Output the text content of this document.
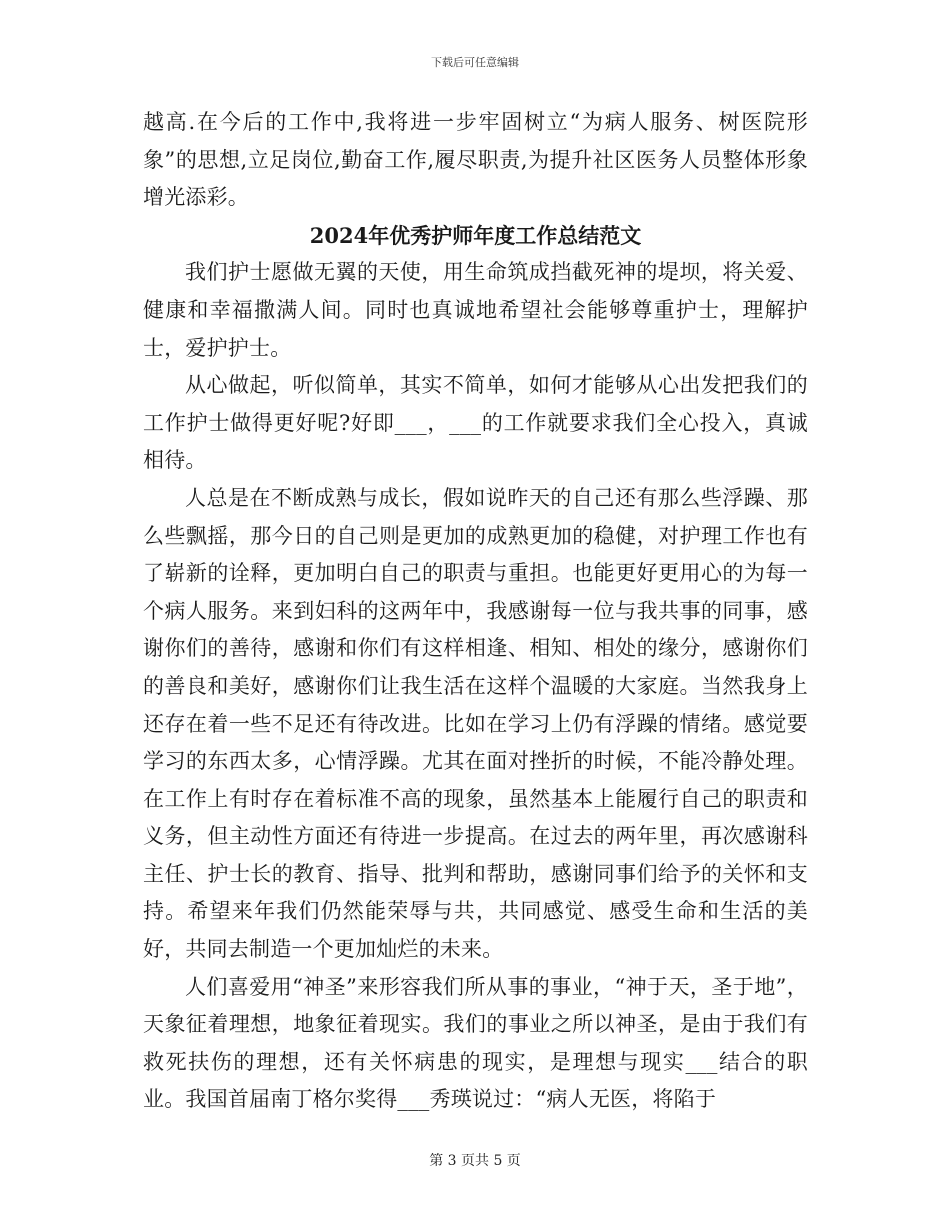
下载后可任意编辑

越高.在今后的工作中,我将进一步牢固树立“为病人服务、树医院形象”的思想,立足岗位,勤奋工作,履尽职责,为提升社区医务人员整体形象增光添彩。

2024年优秀护师年度工作总结范文

我们护士愿做无翼的天使，用生命筑成挡截死神的堤坝，将关爱、健康和幸福撒满人间。同时也真诚地希望社会能够尊重护士，理解护士，爱护护士。

从心做起，听似简单，其实不简单，如何才能够从心出发把我们的工作护士做得更好呢?好即___，___的工作就要求我们全心投入，真诚相待。

人总是在不断成熟与成长，假如说昨天的自己还有那么些浮躁、那么些飘摇，那今日的自己则是更加的成熟更加的稳健，对护理工作也有了崭新的诠释，更加明白自己的职责与重担。也能更好更用心的为每一个病人服务。来到妇科的这两年中，我感谢每一位与我共事的同事，感谢你们的善待，感谢和你们有这样相逢、相知、相处的缘分，感谢你们的善良和美好，感谢你们让我生活在这样个温暖的大家庭。当然我身上还存在着一些不足还有待改进。比如在学习上仍有浮躁的情绪。感觉要学习的东西太多，心情浮躁。尤其在面对挫折的时候，不能冷静处理。在工作上有时存在着标准不高的现象，虽然基本上能履行自己的职责和义务，但主动性方面还有待进一步提高。在过去的两年里，再次感谢科主任、护士长的教育、指导、批判和帮助，感谢同事们给予的关怀和支持。希望来年我们仍然能荣辱与共，共同感觉、感受生命和生活的美好，共同去制造一个更加灿烂的未来。

人们喜爱用“神圣”来形容我们所从事的事业，“神于天，圣于地”，天象征着理想，地象征着现实。我们的事业之所以神圣，是由于我们有救死扶伤的理想，还有关怀病患的现实，是理想与现实___结合的职业。我国首届南丁格尔奖得___秀瑛说过：“病人无医，将陷于

第 3 页共 5 页
